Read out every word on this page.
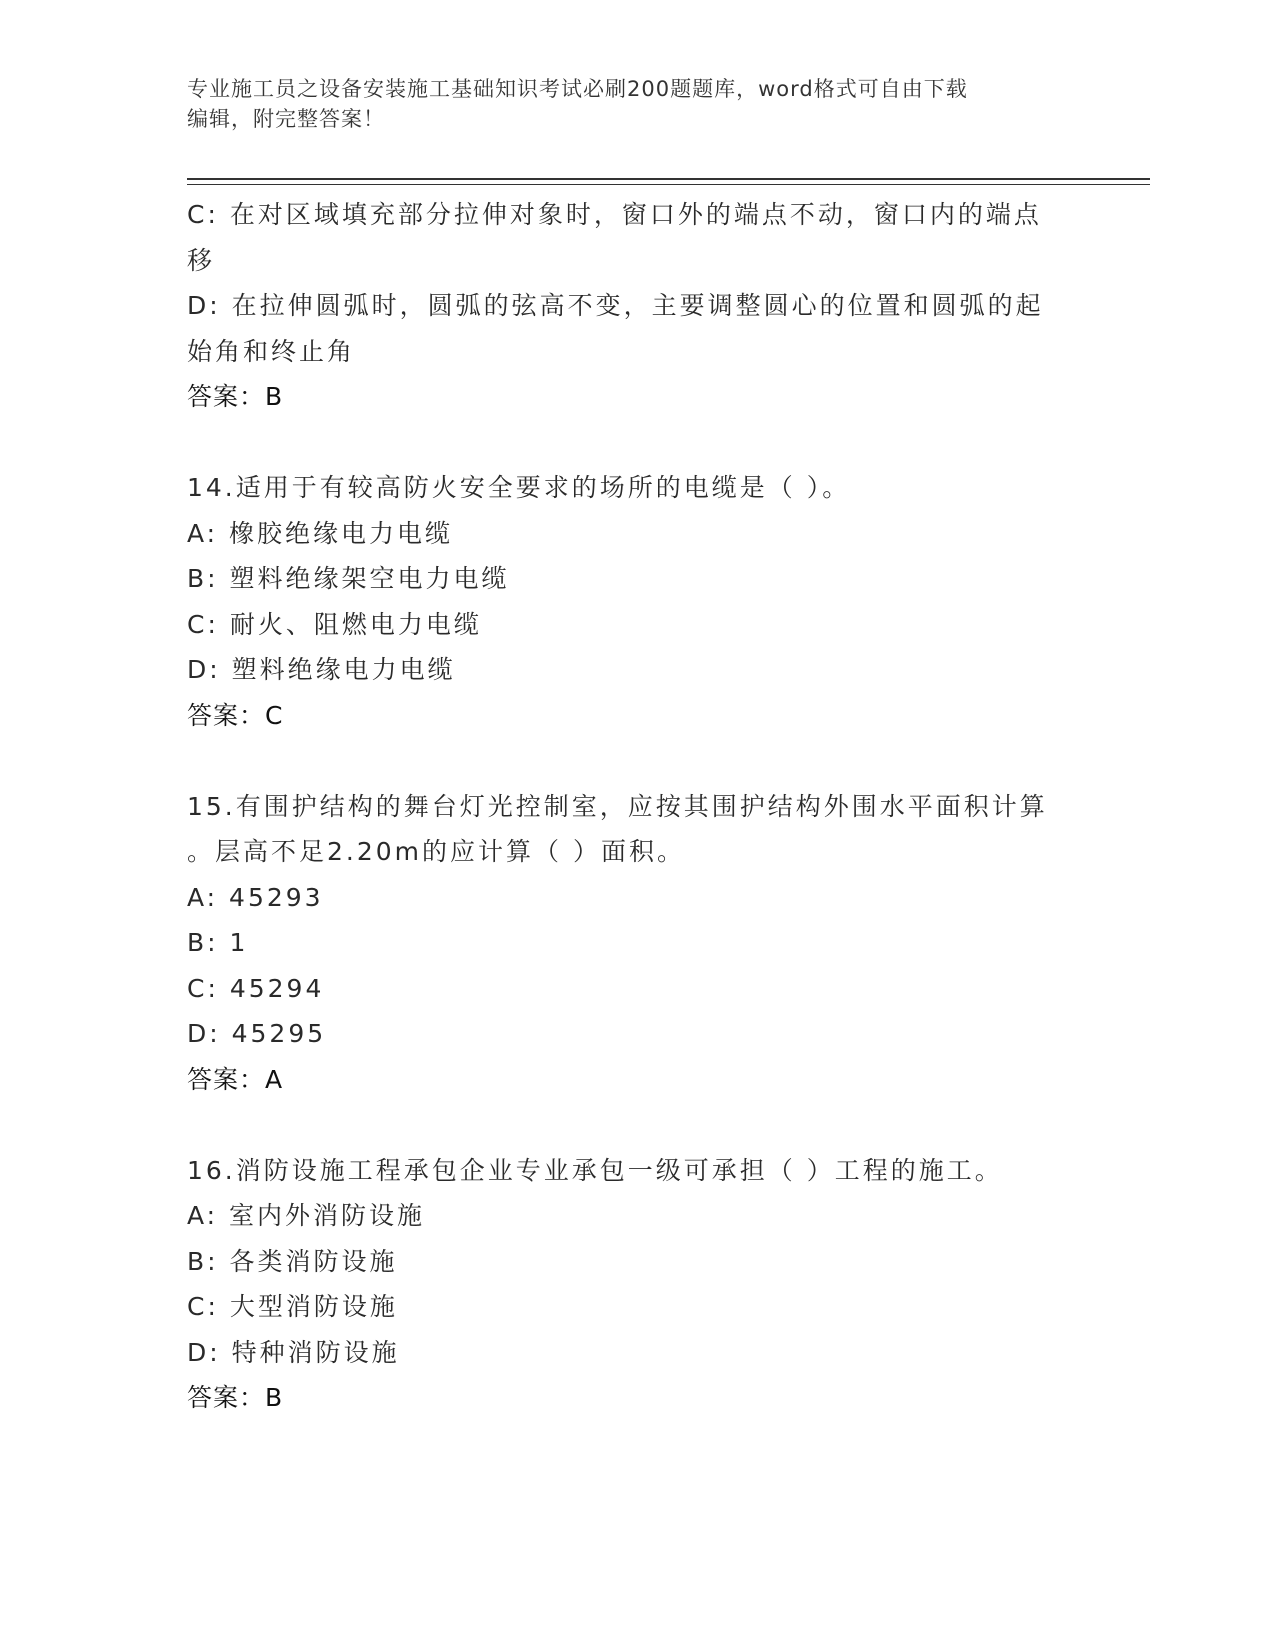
专业施工员之设备安装施工基础知识考试必刷200题题库，word格式可自由下载
编辑，附完整答案！
C: 在对区域填充部分拉伸对象时，窗口外的端点不动，窗口内的端点
移
D: 在拉伸圆弧时，圆弧的弦高不变，主要调整圆心的位置和圆弧的起
始角和终止角
答案：B
14.适用于有较高防火安全要求的场所的电缆是（ ）。
A: 橡胶绝缘电力电缆
B: 塑料绝缘架空电力电缆
C: 耐火、阻燃电力电缆
D: 塑料绝缘电力电缆
答案：C
15.有围护结构的舞台灯光控制室，应按其围护结构外围水平面积计算
。层高不足2.20m的应计算（ ）面积。
A: 45293
B: 1
C: 45294
D: 45295
答案：A
16.消防设施工程承包企业专业承包一级可承担（ ）工程的施工。
A: 室内外消防设施
B: 各类消防设施
C: 大型消防设施
D: 特种消防设施
答案：B
